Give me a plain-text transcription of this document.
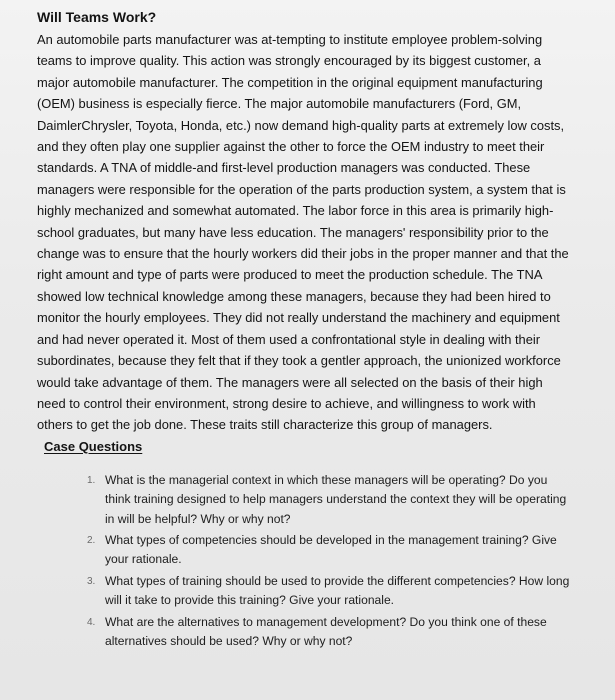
Will Teams Work?

An automobile parts manufacturer was at-tempting to institute employee problem-solving teams to improve quality. This action was strongly encouraged by its biggest customer, a major automobile manufacturer. The competition in the original equipment manufacturing (OEM) business is especially fierce. The major automobile manufacturers (Ford, GM, DaimlerChrysler, Toyota, Honda, etc.) now demand high-quality parts at extremely low costs, and they often play one supplier against the other to force the OEM industry to meet their standards. A TNA of middle-and first-level production managers was conducted. These managers were responsible for the operation of the parts production system, a system that is highly mechanized and somewhat automated. The labor force in this area is primarily high-school graduates, but many have less education. The managers' responsibility prior to the change was to ensure that the hourly workers did their jobs in the proper manner and that the right amount and type of parts were produced to meet the production schedule. The TNA showed low technical knowledge among these managers, because they had been hired to monitor the hourly employees. They did not really understand the machinery and equipment and had never operated it. Most of them used a confrontational style in dealing with their subordinates, because they felt that if they took a gentler approach, the unionized workforce would take advantage of them. The managers were all selected on the basis of their high need to control their environment, strong desire to achieve, and willingness to work with others to get the job done. These traits still characterize this group of managers.

Case Questions
1. What is the managerial context in which these managers will be operating? Do you think training designed to help managers understand the context they will be operating in will be helpful? Why or why not?
2. What types of competencies should be developed in the management training? Give your rationale.
3. What types of training should be used to provide the different competencies? How long will it take to provide this training? Give your rationale.
4. What are the alternatives to management development? Do you think one of these alternatives should be used? Why or why not?
